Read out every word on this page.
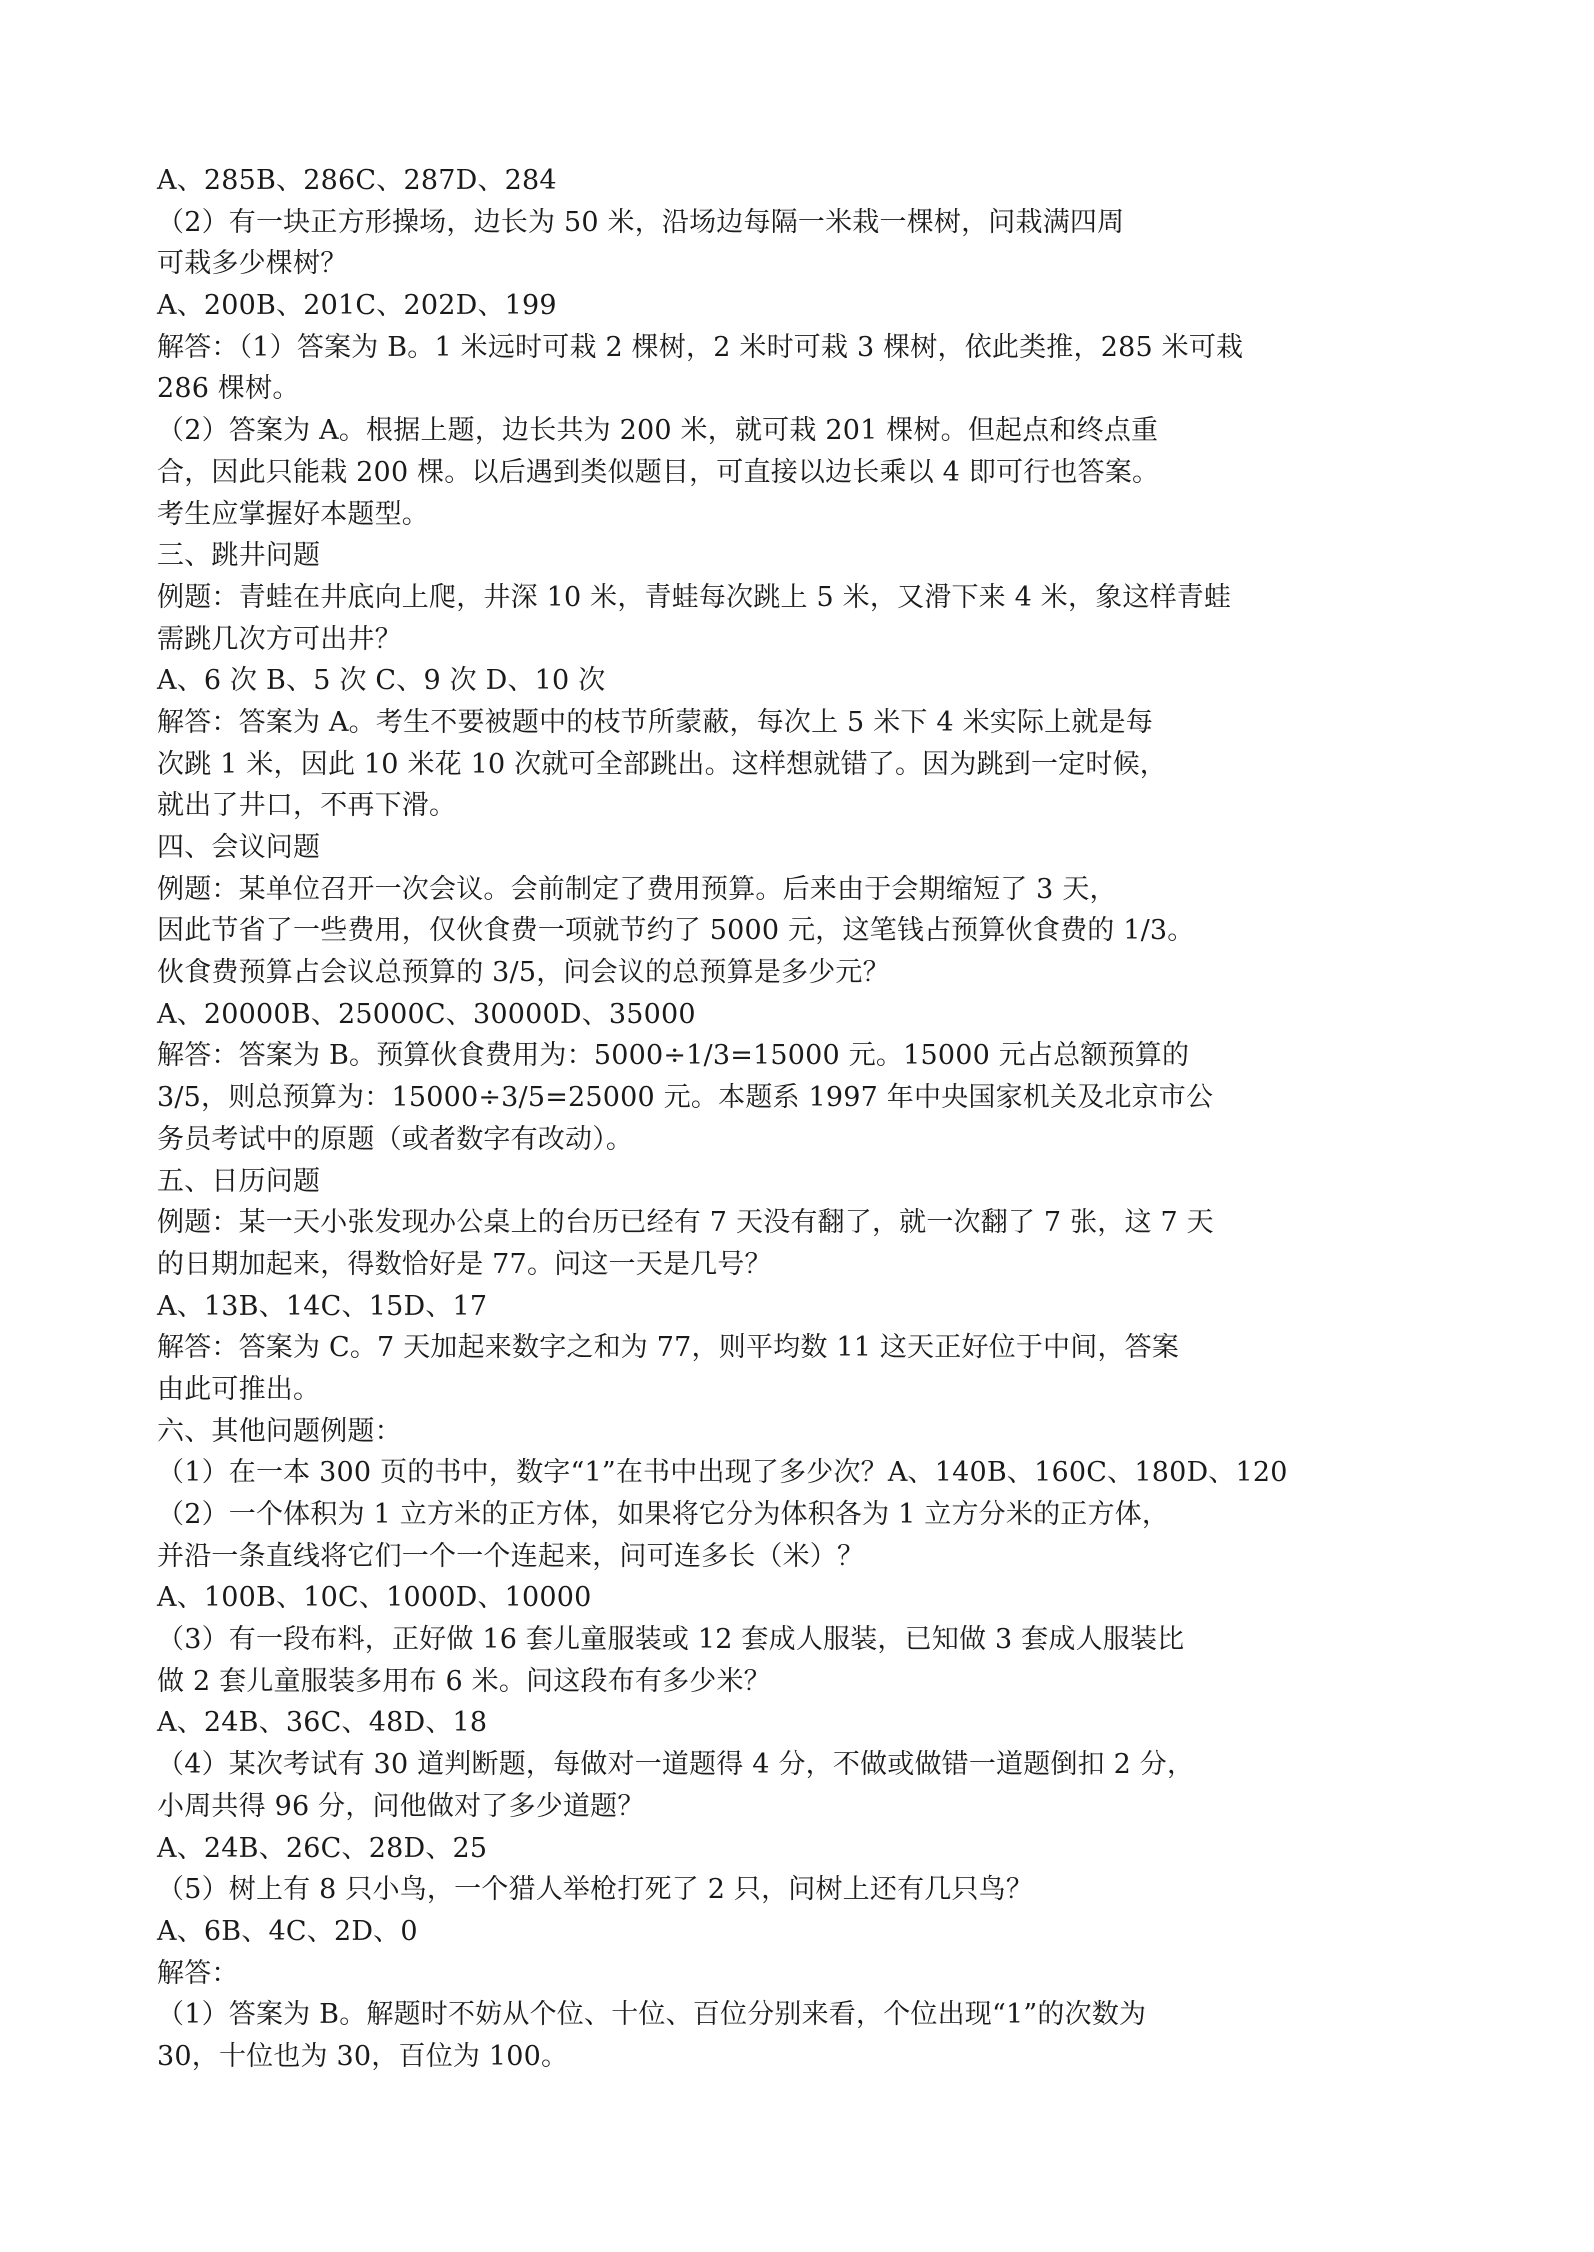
A、285B、286C、287D、284
（2）有一块正方形操场，边长为 50 米，沿场边每隔一米栽一棵树，问栽满四周
可栽多少棵树？
A、200B、201C、202D、199
解答：（1）答案为 B。1 米远时可栽 2 棵树，2 米时可栽 3 棵树，依此类推，285 米可栽
286 棵树。
（2）答案为 A。根据上题，边长共为 200 米，就可栽 201 棵树。但起点和终点重
合，因此只能栽 200 棵。以后遇到类似题目，可直接以边长乘以 4 即可行也答案。
考生应掌握好本题型。
三、跳井问题
例题：青蛙在井底向上爬，井深 10 米，青蛙每次跳上 5 米，又滑下来 4 米，象这样青蛙
需跳几次方可出井？
A、6 次 B、5 次 C、9 次 D、10 次
解答：答案为 A。考生不要被题中的枝节所蒙蔽，每次上 5 米下 4 米实际上就是每
次跳 1 米，因此 10 米花 10 次就可全部跳出。这样想就错了。因为跳到一定时候，
就出了井口，不再下滑。
四、会议问题
例题：某单位召开一次会议。会前制定了费用预算。后来由于会期缩短了 3 天，
因此节省了一些费用，仅伙食费一项就节约了 5000 元，这笔钱占预算伙食费的 1/3。
伙食费预算占会议总预算的 3/5，问会议的总预算是多少元？
A、20000B、25000C、30000D、35000
解答：答案为 B。预算伙食费用为：5000÷1/3=15000 元。15000 元占总额预算的
3/5，则总预算为：15000÷3/5=25000 元。本题系 1997 年中央国家机关及北京市公
务员考试中的原题（或者数字有改动）。
五、日历问题
例题：某一天小张发现办公桌上的台历已经有 7 天没有翻了，就一次翻了 7 张，这 7 天
的日期加起来，得数恰好是 77。问这一天是几号？
A、13B、14C、15D、17
解答：答案为 C。7 天加起来数字之和为 77，则平均数 11 这天正好位于中间，答案
由此可推出。
六、其他问题例题：
（1）在一本 300 页的书中，数字“1”在书中出现了多少次？A、140B、160C、180D、120
（2）一个体积为 1 立方米的正方体，如果将它分为体积各为 1 立方分米的正方体，
并沿一条直线将它们一个一个连起来，问可连多长（米）？
A、100B、10C、1000D、10000
（3）有一段布料，正好做 16 套儿童服装或 12 套成人服装，已知做 3 套成人服装比
做 2 套儿童服装多用布 6 米。问这段布有多少米？
A、24B、36C、48D、18
（4）某次考试有 30 道判断题，每做对一道题得 4 分，不做或做错一道题倒扣 2 分，
小周共得 96 分，问他做对了多少道题？
A、24B、26C、28D、25
（5）树上有 8 只小鸟，一个猎人举枪打死了 2 只，问树上还有几只鸟？
A、6B、4C、2D、0
解答：
（1）答案为 B。解题时不妨从个位、十位、百位分别来看，个位出现“1”的次数为
30，十位也为 30，百位为 100。
